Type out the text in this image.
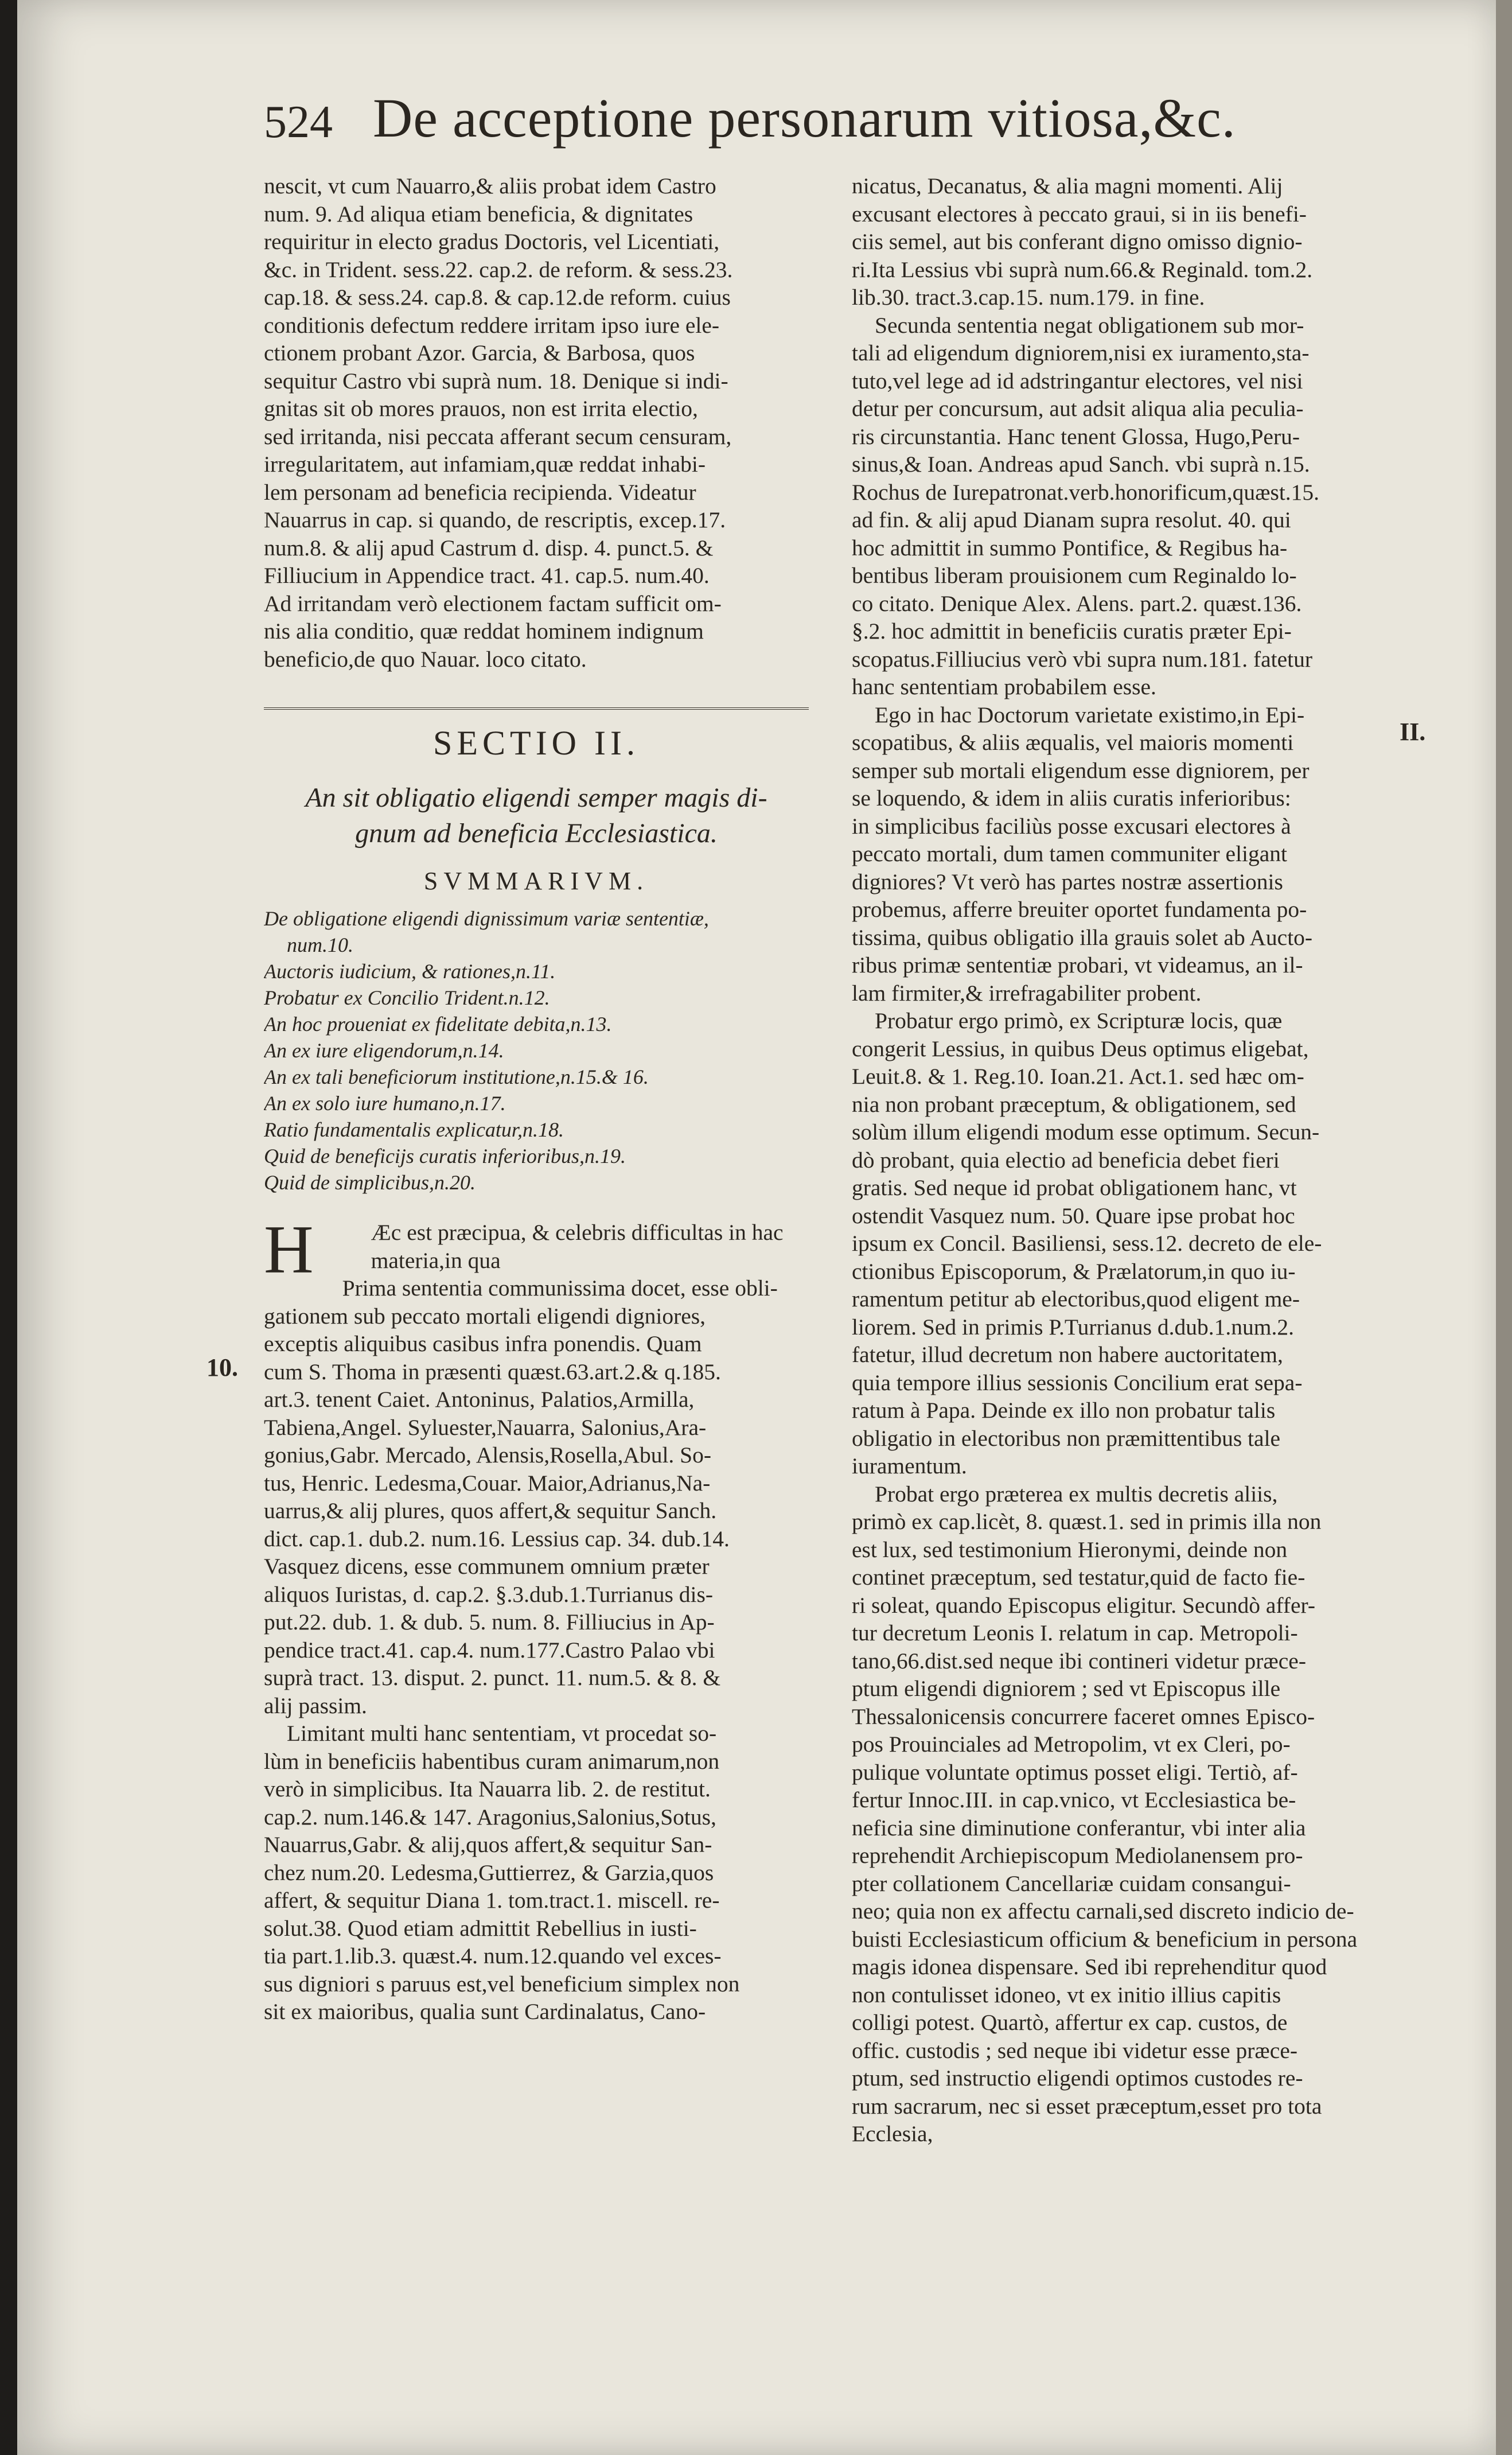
524 De acceptione personarum vitiosa,&c.
10.
II.
nescit, vt cum Nauarro,& aliis probat idem Castro
num. 9. Ad aliqua etiam beneficia, & dignitates
requiritur in electo gradus Doctoris, vel Licentiati,
&c. in Trident. sess.22. cap.2. de reform. & sess.23.
cap.18. & sess.24. cap.8. & cap.12.de reform. cuius
conditionis defectum reddere irritam ipso iure ele-
ctionem probant Azor. Garcia, & Barbosa, quos
sequitur Castro vbi suprà num. 18. Denique si indi-
gnitas sit ob mores prauos, non est irrita electio,
sed irritanda, nisi peccata afferant secum censuram,
irregularitatem, aut infamiam,quæ reddat inhabi-
lem personam ad beneficia recipienda. Videatur
Nauarrus in cap. si quando, de rescriptis, excep.17.
num.8. & alij apud Castrum d. disp. 4. punct.5. &
Filliucium in Appendice tract. 41. cap.5. num.40.
Ad irritandam verò electionem factam sufficit om-
nis alia conditio, quæ reddat hominem indignum
beneficio,de quo Nauar. loco citato.
SECTIO II.
An sit obligatio eligendi semper magis di-
gnum ad beneficia Ecclesiastica.
SVMMARIVM.
De obligatione eligendi dignissimum variæ sententiæ,
num.10.
Auctoris iudicium, & rationes,n.11.
Probatur ex Concilio Trident.n.12.
An hoc proueniat ex fidelitate debita,n.13.
An ex iure eligendorum,n.14.
An ex tali beneficiorum institutione,n.15.& 16.
An ex solo iure humano,n.17.
Ratio fundamentalis explicatur,n.18.
Quid de beneficijs curatis inferioribus,n.19.
Quid de simplicibus,n.20.
H	Æc est præcipua, & celebris difficultas in hac
materia,in qua
Prima sententia communissima docet, esse obli-
gationem sub peccato mortali eligendi digniores,
exceptis aliquibus casibus infra ponendis. Quam
cum S. Thoma in præsenti quæst.63.art.2.& q.185.
art.3. tenent Caiet. Antoninus, Palatios,Armilla,
Tabiena,Angel. Syluester,Nauarra, Salonius,Ara-
gonius,Gabr. Mercado, Alensis,Rosella,Abul. So-
tus, Henric. Ledesma,Couar. Maior,Adrianus,Na-
uarrus,& alij plures, quos affert,& sequitur Sanch.
dict. cap.1. dub.2. num.16. Lessius cap. 34. dub.14.
Vasquez dicens, esse communem omnium præter
aliquos Iuristas, d. cap.2. §.3.dub.1.Turrianus dis-
put.22. dub. 1. & dub. 5. num. 8. Filliucius in Ap-
pendice tract.41. cap.4. num.177.Castro Palao vbi
suprà tract. 13. disput. 2. punct. 11. num.5. & 8. &
alij passim.
Limitant multi hanc sententiam, vt procedat so-
lùm in beneficiis habentibus curam animarum,non
verò in simplicibus. Ita Nauarra lib. 2. de restitut.
cap.2. num.146.& 147. Aragonius,Salonius,Sotus,
Nauarrus,Gabr. & alij,quos affert,& sequitur San-
chez num.20. Ledesma,Guttierrez, & Garzia,quos
affert, & sequitur Diana 1. tom.tract.1. miscell. re-
solut.38. Quod etiam admittit Rebellius in iusti-
tia part.1.lib.3. quæst.4. num.12.quando vel exces-
sus digniori s paruus est,vel beneficium simplex non
sit ex maioribus, qualia sunt Cardinalatus, Cano-
nicatus, Decanatus, & alia magni momenti. Alij
excusant electores à peccato graui, si in iis benefi-
ciis semel, aut bis conferant digno omisso dignio-
ri.Ita Lessius vbi suprà num.66.& Reginald. tom.2.
lib.30. tract.3.cap.15. num.179. in fine.
Secunda sententia negat obligationem sub mor-
tali ad eligendum digniorem,nisi ex iuramento,sta-
tuto,vel lege ad id adstringantur electores, vel nisi
detur per concursum, aut adsit aliqua alia peculia-
ris circunstantia. Hanc tenent Glossa, Hugo,Peru-
sinus,& Ioan. Andreas apud Sanch. vbi suprà n.15.
Rochus de Iurepatronat.verb.honorificum,quæst.15.
ad fin. & alij apud Dianam supra resolut. 40. qui
hoc admittit in summo Pontifice, & Regibus ha-
bentibus liberam prouisionem cum Reginaldo lo-
co citato. Denique Alex. Alens. part.2. quæst.136.
§.2. hoc admittit in beneficiis curatis præter Epi-
scopatus.Filliucius verò vbi supra num.181. fatetur
hanc sententiam probabilem esse.
Ego in hac Doctorum varietate existimo,in Epi-
scopatibus, & aliis æqualis, vel maioris momenti
semper sub mortali eligendum esse digniorem, per
se loquendo, & idem in aliis curatis inferioribus:
in simplicibus faciliùs posse excusari electores à
peccato mortali, dum tamen communiter eligant
digniores? Vt verò has partes nostræ assertionis
probemus, afferre breuiter oportet fundamenta po-
tissima, quibus obligatio illa grauis solet ab Aucto-
ribus primæ sententiæ probari, vt videamus, an il-
lam firmiter,& irrefragabiliter probent.
Probatur ergo primò, ex Scripturæ locis, quæ
congerit Lessius, in quibus Deus optimus eligebat,
Leuit.8. & 1. Reg.10. Ioan.21. Act.1. sed hæc om-
nia non probant præceptum, & obligationem, sed
solùm illum eligendi modum esse optimum. Secun-
dò probant, quia electio ad beneficia debet fieri
gratis. Sed neque id probat obligationem hanc, vt
ostendit Vasquez num. 50. Quare ipse probat hoc
ipsum ex Concil. Basiliensi, sess.12. decreto de ele-
ctionibus Episcoporum, & Prælatorum,in quo iu-
ramentum petitur ab electoribus,quod eligent me-
liorem. Sed in primis P.Turrianus d.dub.1.num.2.
fatetur, illud decretum non habere auctoritatem,
quia tempore illius sessionis Concilium erat sepa-
ratum à Papa. Deinde ex illo non probatur talis
obligatio in electoribus non præmittentibus tale
iuramentum.
Probat ergo præterea ex multis decretis aliis,
primò ex cap.licèt, 8. quæst.1. sed in primis illa non
est lux, sed testimonium Hieronymi, deinde non
continet præceptum, sed testatur,quid de facto fie-
ri soleat, quando Episcopus eligitur. Secundò affer-
tur decretum Leonis I. relatum in cap. Metropoli-
tano,66.dist.sed neque ibi contineri videtur præce-
ptum eligendi digniorem ; sed vt Episcopus ille
Thessalonicensis concurrere faceret omnes Episco-
pos Prouinciales ad Metropolim, vt ex Cleri, po-
pulique voluntate optimus posset eligi. Tertiò, af-
fertur Innoc.III. in cap.vnico, vt Ecclesiastica be-
neficia sine diminutione conferantur, vbi inter alia
reprehendit Archiepiscopum Mediolanensem pro-
pter collationem Cancellariæ cuidam consangui-
neo; quia non ex affectu carnali,sed discreto indicio de-
buisti Ecclesiasticum officium & beneficium in persona
magis idonea dispensare. Sed ibi reprehenditur quod
non contulisset idoneo, vt ex initio illius capitis
colligi potest. Quartò, affertur ex cap. custos, de
offic. custodis ; sed neque ibi videtur esse præce-
ptum, sed instructio eligendi optimos custodes re-
rum sacrarum, nec si esset præceptum,esset pro tota
Ecclesia,
